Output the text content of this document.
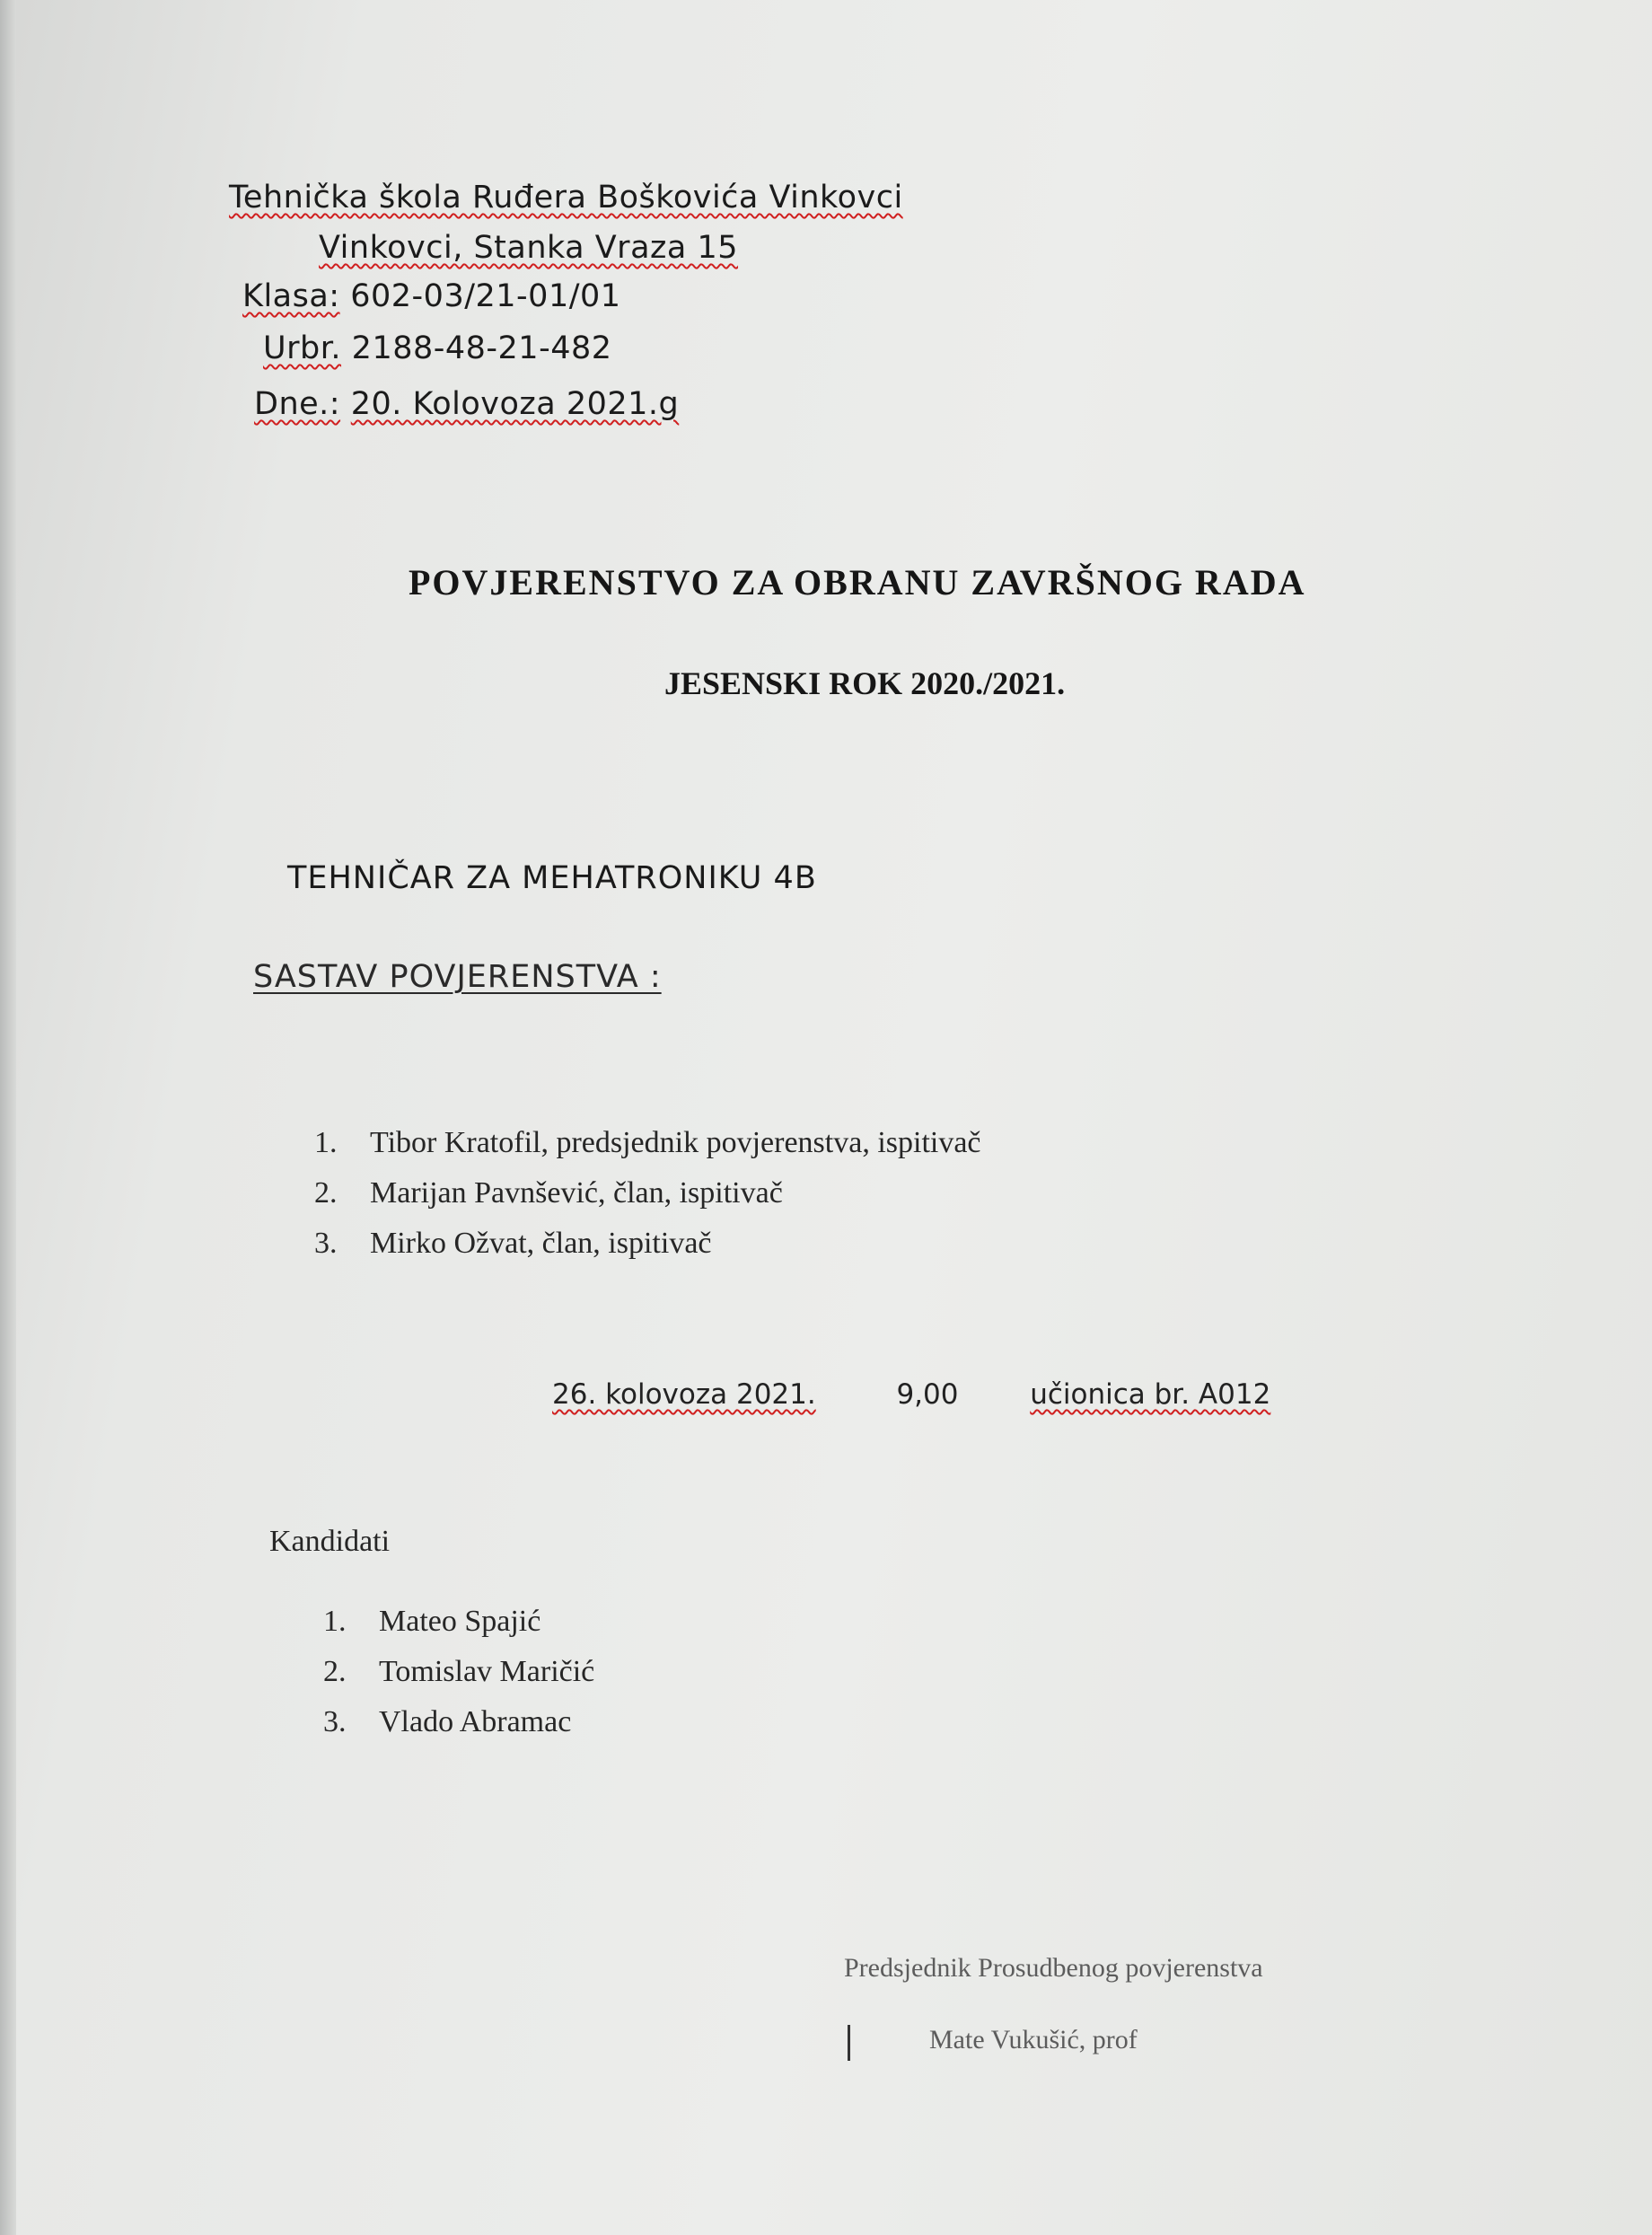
Tehnička škola Ruđera Boškovića Vinkovci
Vinkovci, Stanka Vraza 15
Klasa: 602-03/21-01/01
Urbr. 2188-48-21-482
Dne.: 20. Kolovoza 2021.g
POVJERENSTVO ZA OBRANU ZAVRŠNOG RADA
JESENSKI ROK 2020./2021.
TEHNIČAR ZA MEHATRONIKU 4B
SASTAV POVJERENSTVA :
1. Tibor Kratofil, predsjednik povjerenstva, ispitivač
2. Marijan Pavnšević, član, ispitivač
3. Mirko Ožvat, član, ispitivač
26. kolovoza 2021.	9,00	učionica br. A012
Kandidati
1. Mateo Spajić
2. Tomislav Maričić
3. Vlado Abramac
Predsjednik Prosudbenog povjerenstva
Mate Vukušić, prof
